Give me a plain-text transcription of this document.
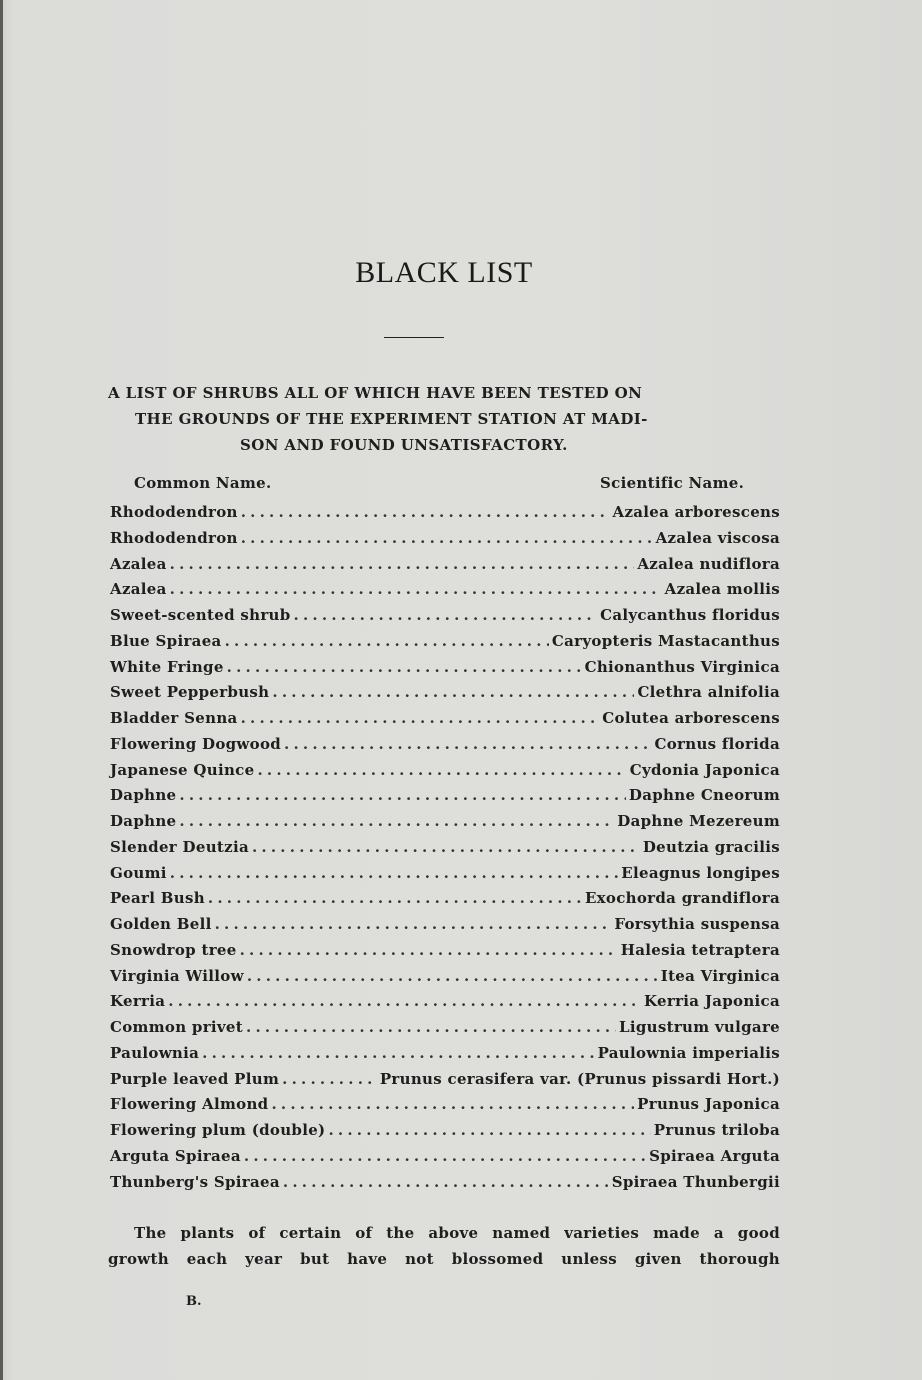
BLACK LIST
A LIST OF SHRUBS ALL OF WHICH HAVE BEEN TESTED ON
THE GROUNDS OF THE EXPERIMENT STATION AT MADI-
SON AND FOUND UNSATISFACTORY.
Common Name.	Scientific Name.
Rhododendron . . .	Azalea arborescens
Rhododendron . . .	Azalea viscosa
Azalea . . .	Azalea nudiflora
Azalea . . .	Azalea mollis
Sweet-scented shrub . . .	Calycanthus floridus
Blue Spiraea . . .	Caryopteris Mastacanthus
White Fringe . . .	Chionanthus Virginica
Sweet Pepperbush . . .	Clethra alnifolia
Bladder Senna . . .	Colutea arborescens
Flowering Dogwood . . .	Cornus florida
Japanese Quince . . .	Cydonia Japonica
Daphne . . .	Daphne Cneorum
Daphne . . .	Daphne Mezereum
Slender Deutzia . . .	Deutzia gracilis
Goumi . . .	Eleagnus longipes
Pearl Bush . . .	Exochorda grandiflora
Golden Bell . . .	Forsythia suspensa
Snowdrop tree . . .	Halesia tetraptera
Virginia Willow . . .	Itea Virginica
Kerria . . .	Kerria Japonica
Common privet . . .	Ligustrum vulgare
Paulownia . . .	Paulownia imperialis
Purple leaved Plum . . .	Prunus cerasifera var. (Prunus pissardi Hort.)
Flowering Almond . . .	Prunus Japonica
Flowering plum (double) . . .	Prunus triloba
Arguta Spiraea . . .	Spiraea Arguta
Thunberg's Spiraea . . .	Spiraea Thunbergii
The plants of certain of the above named varieties made a good
growth each year but have not blossomed unless given thorough
B.
